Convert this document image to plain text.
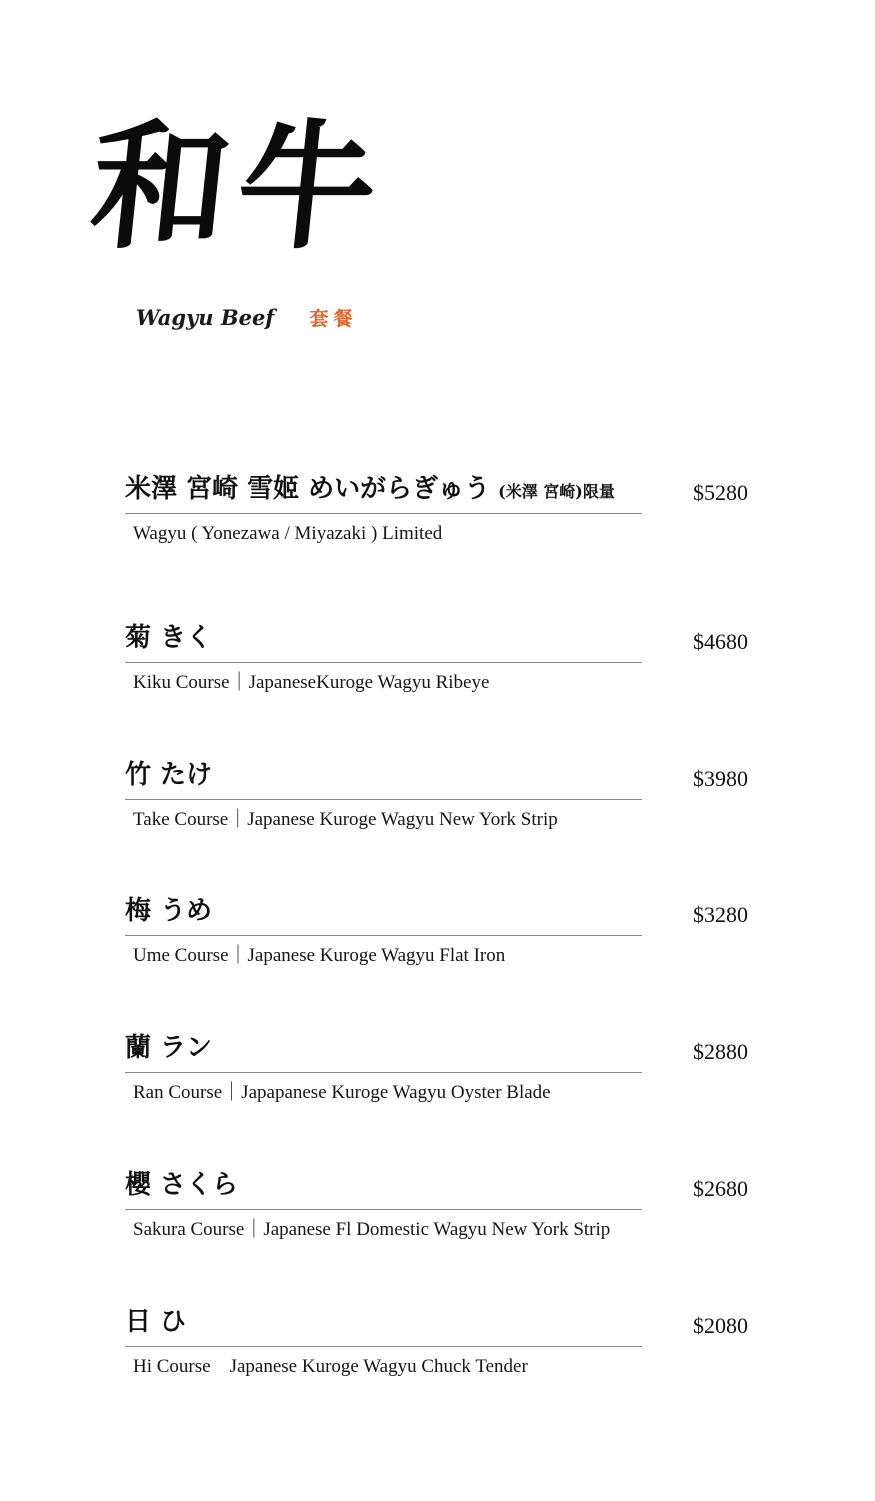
和牛
Wagyu Beef 套餐
米澤 宮崎 雪姬 めいがらぎゅう (米澤 宮崎)限量	$5280
Wagyu ( Yonezawa / Miyazaki ) Limited
菊 きく	$4680
Kiku Course｜JapaneseKuroge Wagyu Ribeye
竹 たけ	$3980
Take Course｜Japanese Kuroge Wagyu New York Strip
梅 うめ	$3280
Ume Course｜Japanese Kuroge Wagyu Flat Iron
蘭 ラン	$2880
Ran Course｜Japapanese Kuroge Wagyu Oyster Blade
櫻 さくら	$2680
Sakura Course｜Japanese Fl Domestic Wagyu New York Strip
日 ひ	$2080
Hi Course　Japanese Kuroge Wagyu Chuck Tender
